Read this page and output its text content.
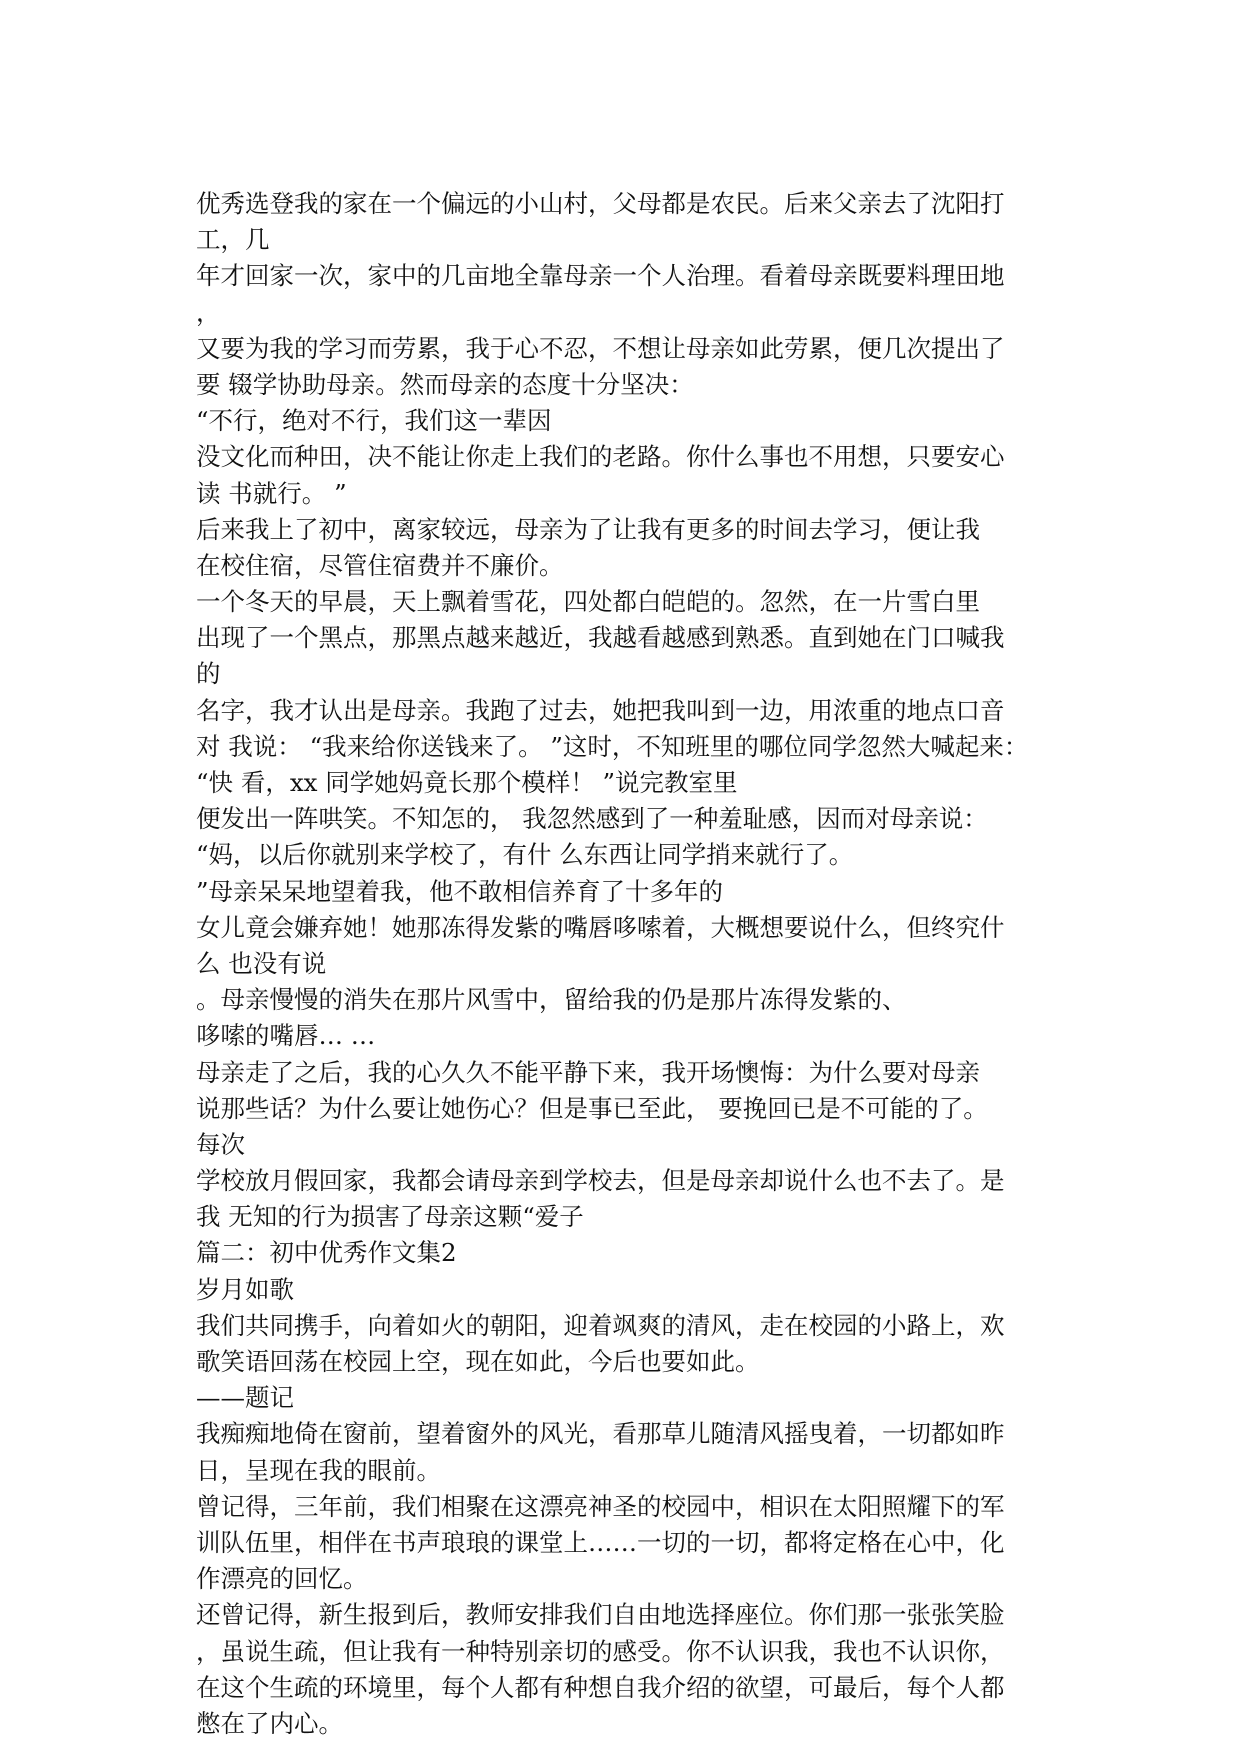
优秀选登我的家在一个偏远的小山村，父母都是农民。后来父亲去了沈阳打
工，几
年才回家一次，家中的几亩地全靠母亲一个人治理。看着母亲既要料理田地
，
又要为我的学习而劳累，我于心不忍，不想让母亲如此劳累，便几次提出了
要 辍学协助母亲。然而母亲的态度十分坚决：
“不行，绝对不行，我们这一辈因
没文化而种田，决不能让你走上我们的老路。你什么事也不用想，只要安心
读 书就行。 ”
后来我上了初中，离家较远，母亲为了让我有更多的时间去学习，便让我
在校住宿，尽管住宿费并不廉价。
一个冬天的早晨，天上飘着雪花，四处都白皑皑的。忽然，在一片雪白里
出现了一个黑点，那黑点越来越近，我越看越感到熟悉。直到她在门口喊我
的
名字，我才认出是母亲。我跑了过去，她把我叫到一边，用浓重的地点口音
对 我说： “我来给你送钱来了。 ”这时，不知班里的哪位同学忽然大喊起来：
“快 看，xx 同学她妈竟长那个模样！ ”说完教室里
便发出一阵哄笑。不知怎的， 我忽然感到了一种羞耻感，因而对母亲说：
“妈，以后你就别来学校了，有什 么东西让同学捎来就行了。
”母亲呆呆地望着我，他不敢相信养育了十多年的
女儿竟会嫌弃她！她那冻得发紫的嘴唇哆嗦着，大概想要说什么，但终究什
么 也没有说
。母亲慢慢的消失在那片风雪中，留给我的仍是那片冻得发紫的、
哆嗦的嘴唇… …
母亲走了之后，我的心久久不能平静下来，我开场懊悔：为什么要对母亲
说那些话？为什么要让她伤心？但是事已至此， 要挽回已是不可能的了。
每次
学校放月假回家，我都会请母亲到学校去，但是母亲却说什么也不去了。是
我 无知的行为损害了母亲这颗“爱子
篇二：初中优秀作文集2
岁月如歌
我们共同携手，向着如火的朝阳，迎着飒爽的清风，走在校园的小路上，欢
歌笑语回荡在校园上空，现在如此，今后也要如此。
——题记
我痴痴地倚在窗前，望着窗外的风光，看那草儿随清风摇曳着，一切都如昨
日，呈现在我的眼前。
曾记得，三年前，我们相聚在这漂亮神圣的校园中，相识在太阳照耀下的军
训队伍里，相伴在书声琅琅的课堂上……一切的一切，都将定格在心中，化
作漂亮的回忆。
还曾记得，新生报到后，教师安排我们自由地选择座位。你们那一张张笑脸
，虽说生疏，但让我有一种特别亲切的感受。你不认识我，我也不认识你，
在这个生疏的环境里，每个人都有种想自我介绍的欲望，可最后，每个人都
憋在了内心。
